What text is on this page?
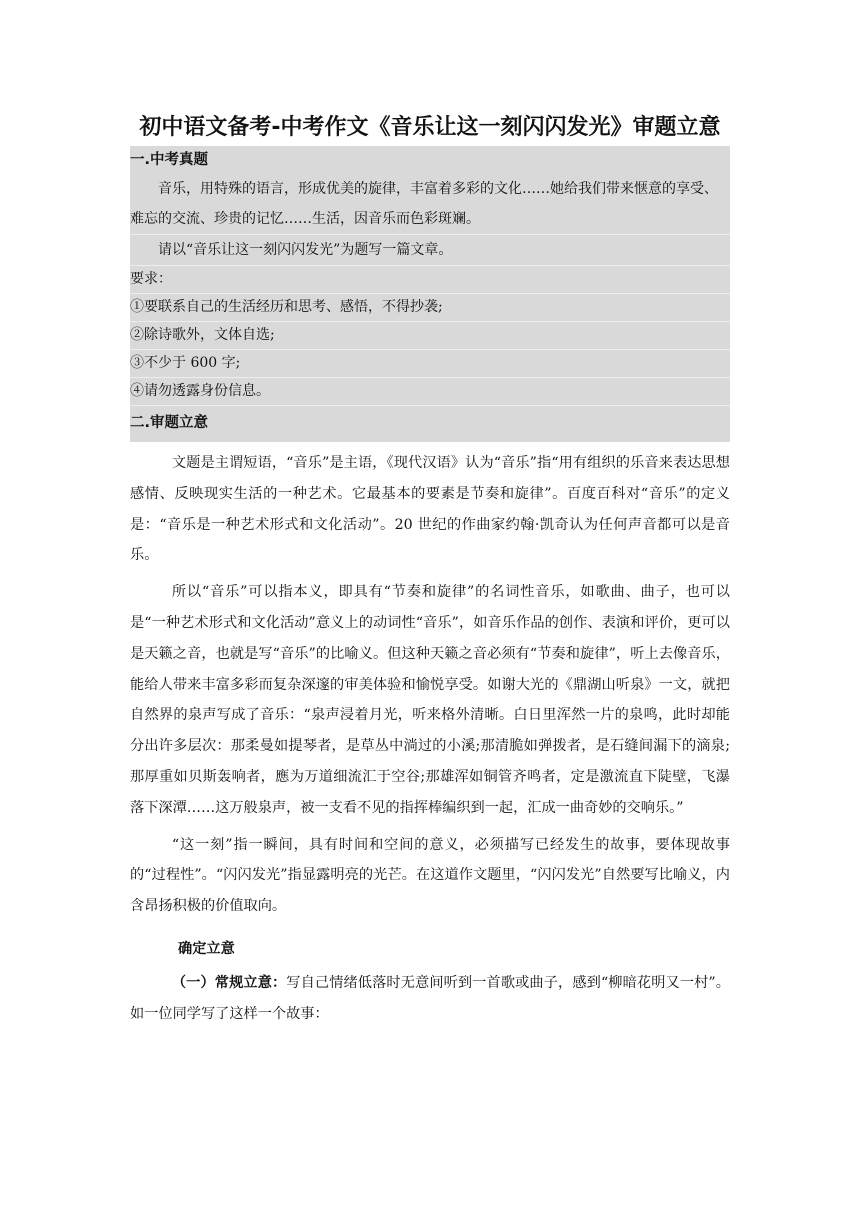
初中语文备考-中考作文《音乐让这一刻闪闪发光》审题立意
一.中考真题
音乐，用特殊的语言，形成优美的旋律，丰富着多彩的文化……她给我们带来惬意的享受、难忘的交流、珍贵的记忆……生活，因音乐而色彩斑斓。
请以“音乐让这一刻闪闪发光”为题写一篇文章。
要求：
①要联系自己的生活经历和思考、感悟，不得抄袭;
②除诗歌外，文体自选;
③不少于 600 字;
④请勿透露身份信息。
二.审题立意

文题是主谓短语，“音乐”是主语，《现代汉语》认为“音乐”指“用有组织的乐音来表达思想感情、反映现实生活的一种艺术。它最基本的要素是节奏和旋律”。百度百科对“音乐”的定义是：“音乐是一种艺术形式和文化活动”。20 世纪的作曲家约翰·凯奇认为任何声音都可以是音乐。

所以“音乐”可以指本义，即具有“节奏和旋律”的名词性音乐，如歌曲、曲子，也可以是“一种艺术形式和文化活动”意义上的动词性“音乐”，如音乐作品的创作、表演和评价，更可以是天籁之音，也就是写“音乐”的比喻义。但这种天籁之音必须有“节奏和旋律”，听上去像音乐，能给人带来丰富多彩而复杂深邃的审美体验和愉悦享受。如谢大光的《鼎湖山听泉》一文，就把自然界的泉声写成了音乐：“泉声浸着月光，听来格外清晰。白日里浑然一片的泉鸣，此时却能分出许多层次：那柔曼如提琴者，是草丛中淌过的小溪;那清脆如弹拨者，是石缝间漏下的滴泉;那厚重如贝斯轰响者，應为万道细流汇于空谷;那雄浑如铜管齐鸣者，定是激流直下陡壁，飞瀑落下深潭……这万般泉声，被一支看不见的指挥棒编织到一起，汇成一曲奇妙的交响乐。”

“这一刻”指一瞬间，具有时间和空间的意义，必须描写已经发生的故事，要体现故事的“过程性”。“闪闪发光”指显露明亮的光芒。在这道作文题里，“闪闪发光”自然要写比喻义，内含昂扬积极的价值取向。

确定立意

（一）常规立意：写自己情绪低落时无意间听到一首歌或曲子，感到“柳暗花明又一村”。如一位同学写了这样一个故事：
